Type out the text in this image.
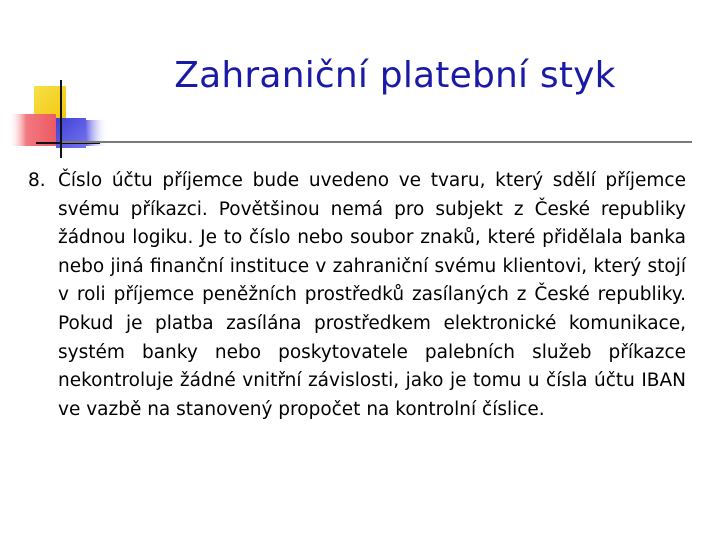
Zahraniční platební styk
8. Číslo účtu příjemce bude uvedeno ve tvaru, který sdělí příjemce svému příkazci. Povětšinou nemá pro subjekt z České republiky žádnou logiku. Je to číslo nebo soubor znaků, které přidělala banka nebo jiná finanční instituce v zahraniční svému klientovi, který stojí v roli příjemce peněžních prostředků zasílaných z České republiky. Pokud je platba zasílána prostředkem elektronické komunikace, systém banky nebo poskytovatele palebních služeb příkazce nekontroluje žádné vnitřní závislosti, jako je tomu u čísla účtu IBAN ve vazbě na stanovený propočet na kontrolní číslice.
